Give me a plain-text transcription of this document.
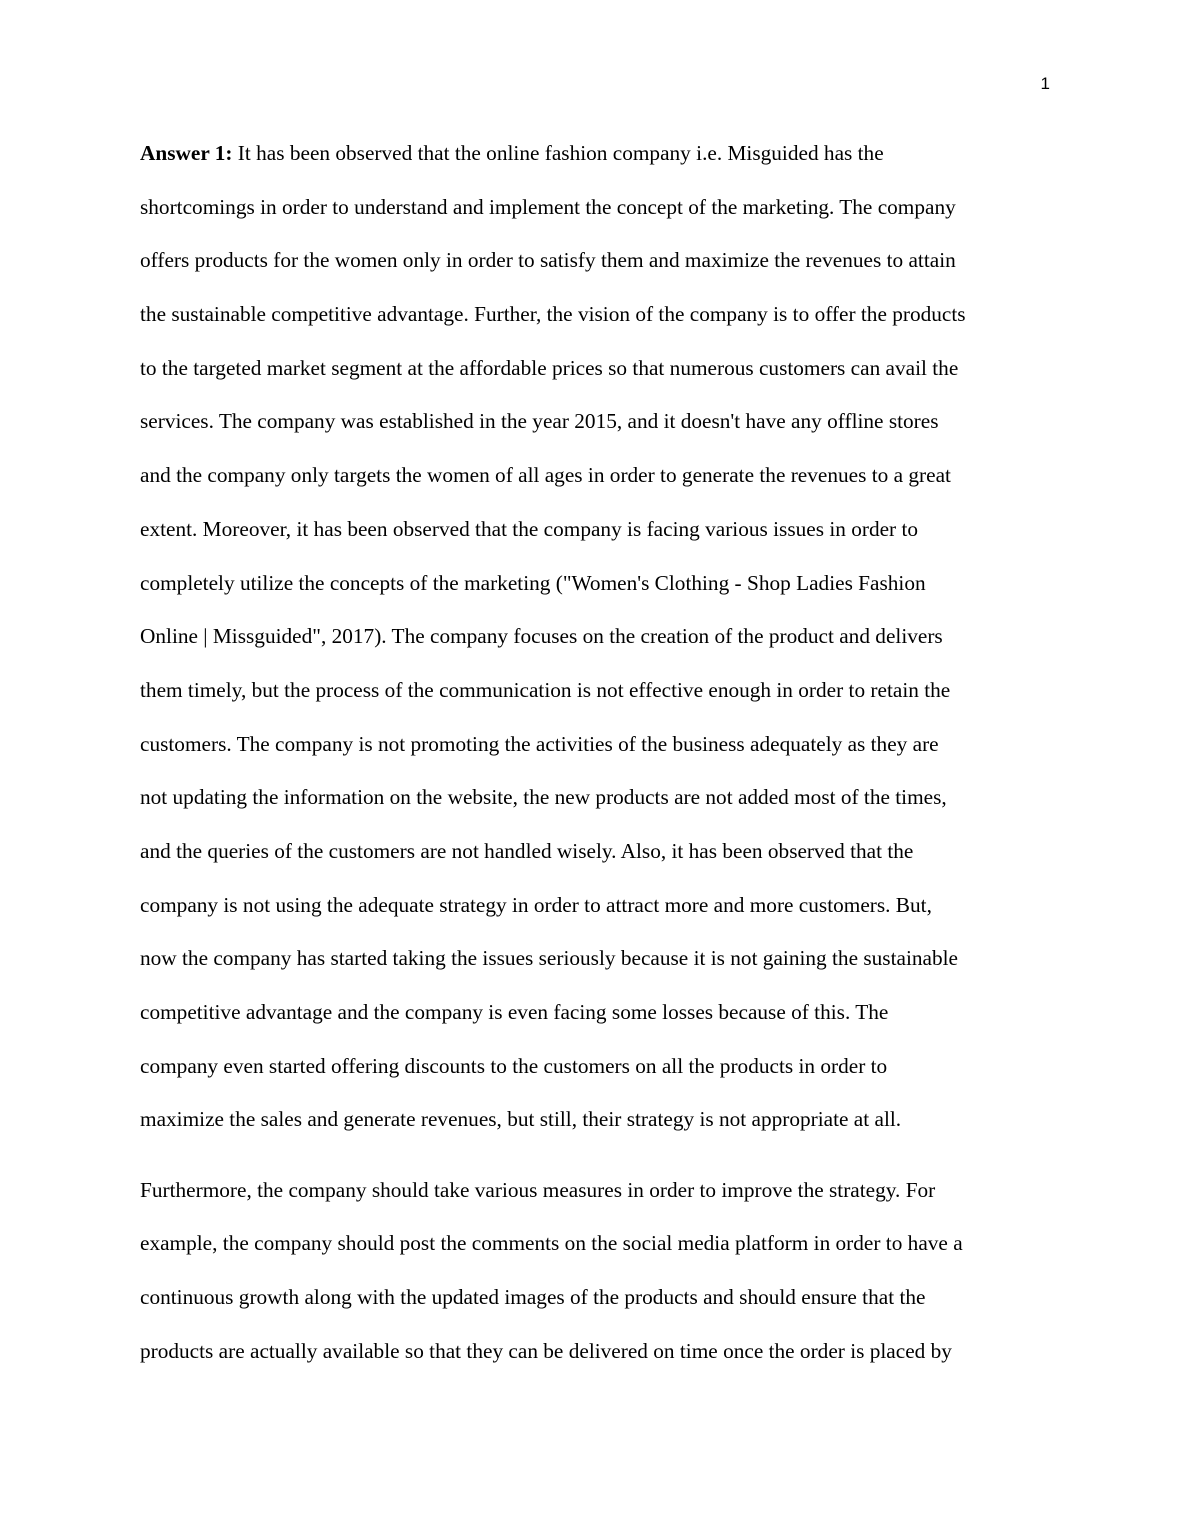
1
Answer 1: It has been observed that the online fashion company i.e. Misguided has the
shortcomings in order to understand and implement the concept of the marketing. The company
offers products for the women only in order to satisfy them and maximize the revenues to attain
the sustainable competitive advantage. Further, the vision of the company is to offer the products
to the targeted market segment at the affordable prices so that numerous customers can avail the
services. The company was established in the year 2015, and it doesn't have any offline stores
and the company only targets the women of all ages in order to generate the revenues to a great
extent. Moreover, it has been observed that the company is facing various issues in order to
completely utilize the concepts of the marketing ("Women's Clothing - Shop Ladies Fashion
Online | Missguided", 2017). The company focuses on the creation of the product and delivers
them timely, but the process of the communication is not effective enough in order to retain the
customers. The company is not promoting the activities of the business adequately as they are
not updating the information on the website, the new products are not added most of the times,
and the queries of the customers are not handled wisely. Also, it has been observed that the
company is not using the adequate strategy in order to attract more and more customers. But,
now the company has started taking the issues seriously because it is not gaining the sustainable
competitive advantage and the company is even facing some losses because of this. The
company even started offering discounts to the customers on all the products in order to
maximize the sales and generate revenues, but still, their strategy is not appropriate at all.
Furthermore, the company should take various measures in order to improve the strategy. For
example, the company should post the comments on the social media platform in order to have a
continuous growth along with the updated images of the products and should ensure that the
products are actually available so that they can be delivered on time once the order is placed by
